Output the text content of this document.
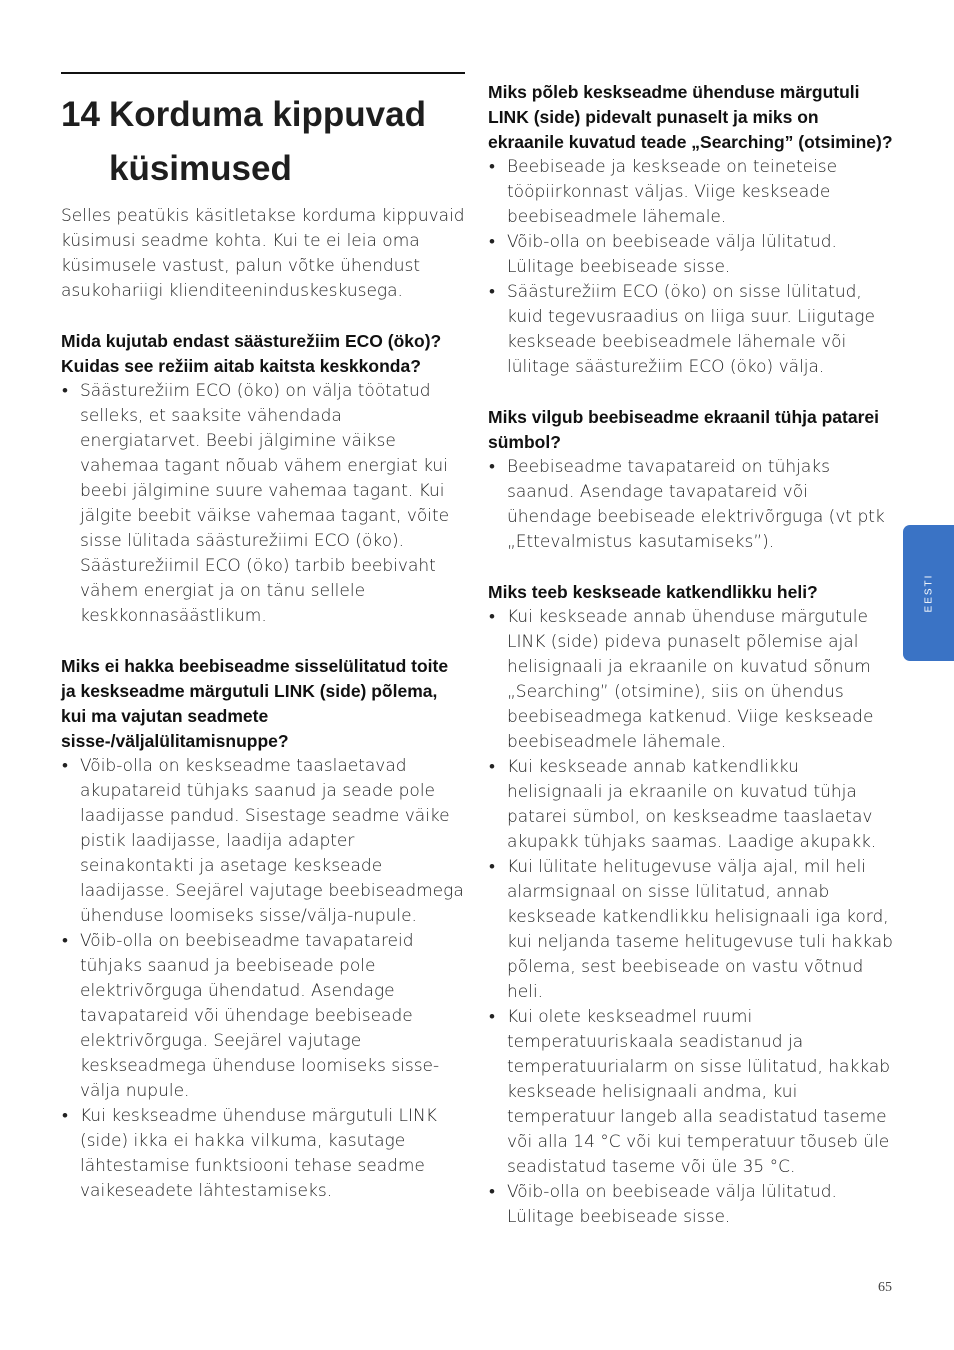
14 Korduma kippuvad
küsimused

Selles peatükis käsitletakse korduma kippuvaid küsimusi seadme kohta. Kui te ei leia oma küsimusele vastust, palun võtke ühendust asukohariigi klienditeeninduskeskusega.

Mida kujutab endast säästurežiim ECO (öko)? Kuidas see režiim aitab kaitsta keskkonda?

• Säästurežiim ECO (öko) on välja töötatud selleks, et saaksite vähendada energiatarvet. Beebi jälgimine väikse vahemaa tagant nõuab vähem energiat kui beebi jälgimine suure vahemaa tagant. Kui jälgite beebit väikse vahemaa tagant, võite sisse lülitada säästurežiimi ECO (öko). Säästurežiimil ECO (öko) tarbib beebivaht vähem energiat ja on tänu sellele keskkonnasäästlikum.

Miks ei hakka beebiseadme sisselülitatud toite ja keskseadme märgutuli LINK (side) põlema, kui ma vajutan seadmete sisse-/väljalülitamisnuppe?

• Võib-olla on keskseadme taaslaetavad akupatareid tühjaks saanud ja seade pole laadijasse pandud. Sisestage seadme väike pistik laadijasse, laadija adapter seinakontakti ja asetage keskseade laadijasse. Seejärel vajutage beebiseadmega ühenduse loomiseks sisse/välja-nupule.
• Võib-olla on beebiseadme tavapatareid tühjaks saanud ja beebiseade pole elektrivõrguga ühendatud. Asendage tavapatareid või ühendage beebiseade elektrivõrguga. Seejärel vajutage keskseadmega ühenduse loomiseks sisse-välja nupule.
• Kui keskseadme ühenduse märgutuli LINK (side) ikka ei hakka vilkuma, kasutage lähtestamise funktsiooni tehase seadme vaikeseadete lähtestamiseks.

Miks põleb keskseadme ühenduse märgutuli LINK (side) pidevalt punaselt ja miks on ekraanile kuvatud teade „Searching” (otsimine)?

• Beebiseade ja keskseade on teineteise tööpiirkonnast väljas. Viige keskseade beebiseadmele lähemale.
• Võib-olla on beebiseade välja lülitatud. Lülitage beebiseade sisse.
• Säästurežiim ECO (öko) on sisse lülitatud, kuid tegevusraadius on liiga suur. Liigutage keskseade beebiseadmele lähemale või lülitage säästurežiim ECO (öko) välja.

Miks vilgub beebiseadme ekraanil tühja patarei sümbol?

• Beebiseadme tavapatareid on tühjaks saanud. Asendage tavapatareid või ühendage beebiseade elektrivõrguga (vt ptk „Ettevalmistus kasutamiseks”).

Miks teeb keskseade katkendlikku heli?

• Kui keskseade annab ühenduse märgutule LINK (side) pideva punaselt põlemise ajal helisignaali ja ekraanile on kuvatud sõnum „Searching” (otsimine), siis on ühendus beebiseadmega katkenud. Viige keskseade beebiseadmele lähemale.
• Kui keskseade annab katkendlikku helisignaali ja ekraanile on kuvatud tühja patarei sümbol, on keskseadme taaslaetav akupakk tühjaks saamas. Laadige akupakk.
• Kui lülitate helitugevuse välja ajal, mil heli alarmsignaal on sisse lülitatud, annab keskseade katkendlikku helisignaali iga kord, kui neljanda taseme helitugevuse tuli hakkab põlema, sest beebiseade on vastu võtnud heli.
• Kui olete keskseadmel ruumi temperatuuriskaala seadistanud ja temperatuurialarm on sisse lülitatud, hakkab keskseade helisignaali andma, kui temperatuur langeb alla seadistatud taseme või alla 14 °C või kui temperatuur tõuseb üle seadistatud taseme või üle 35 °C.
• Võib-olla on beebiseade välja lülitatud. Lülitage beebiseade sisse.
EESTI
65
